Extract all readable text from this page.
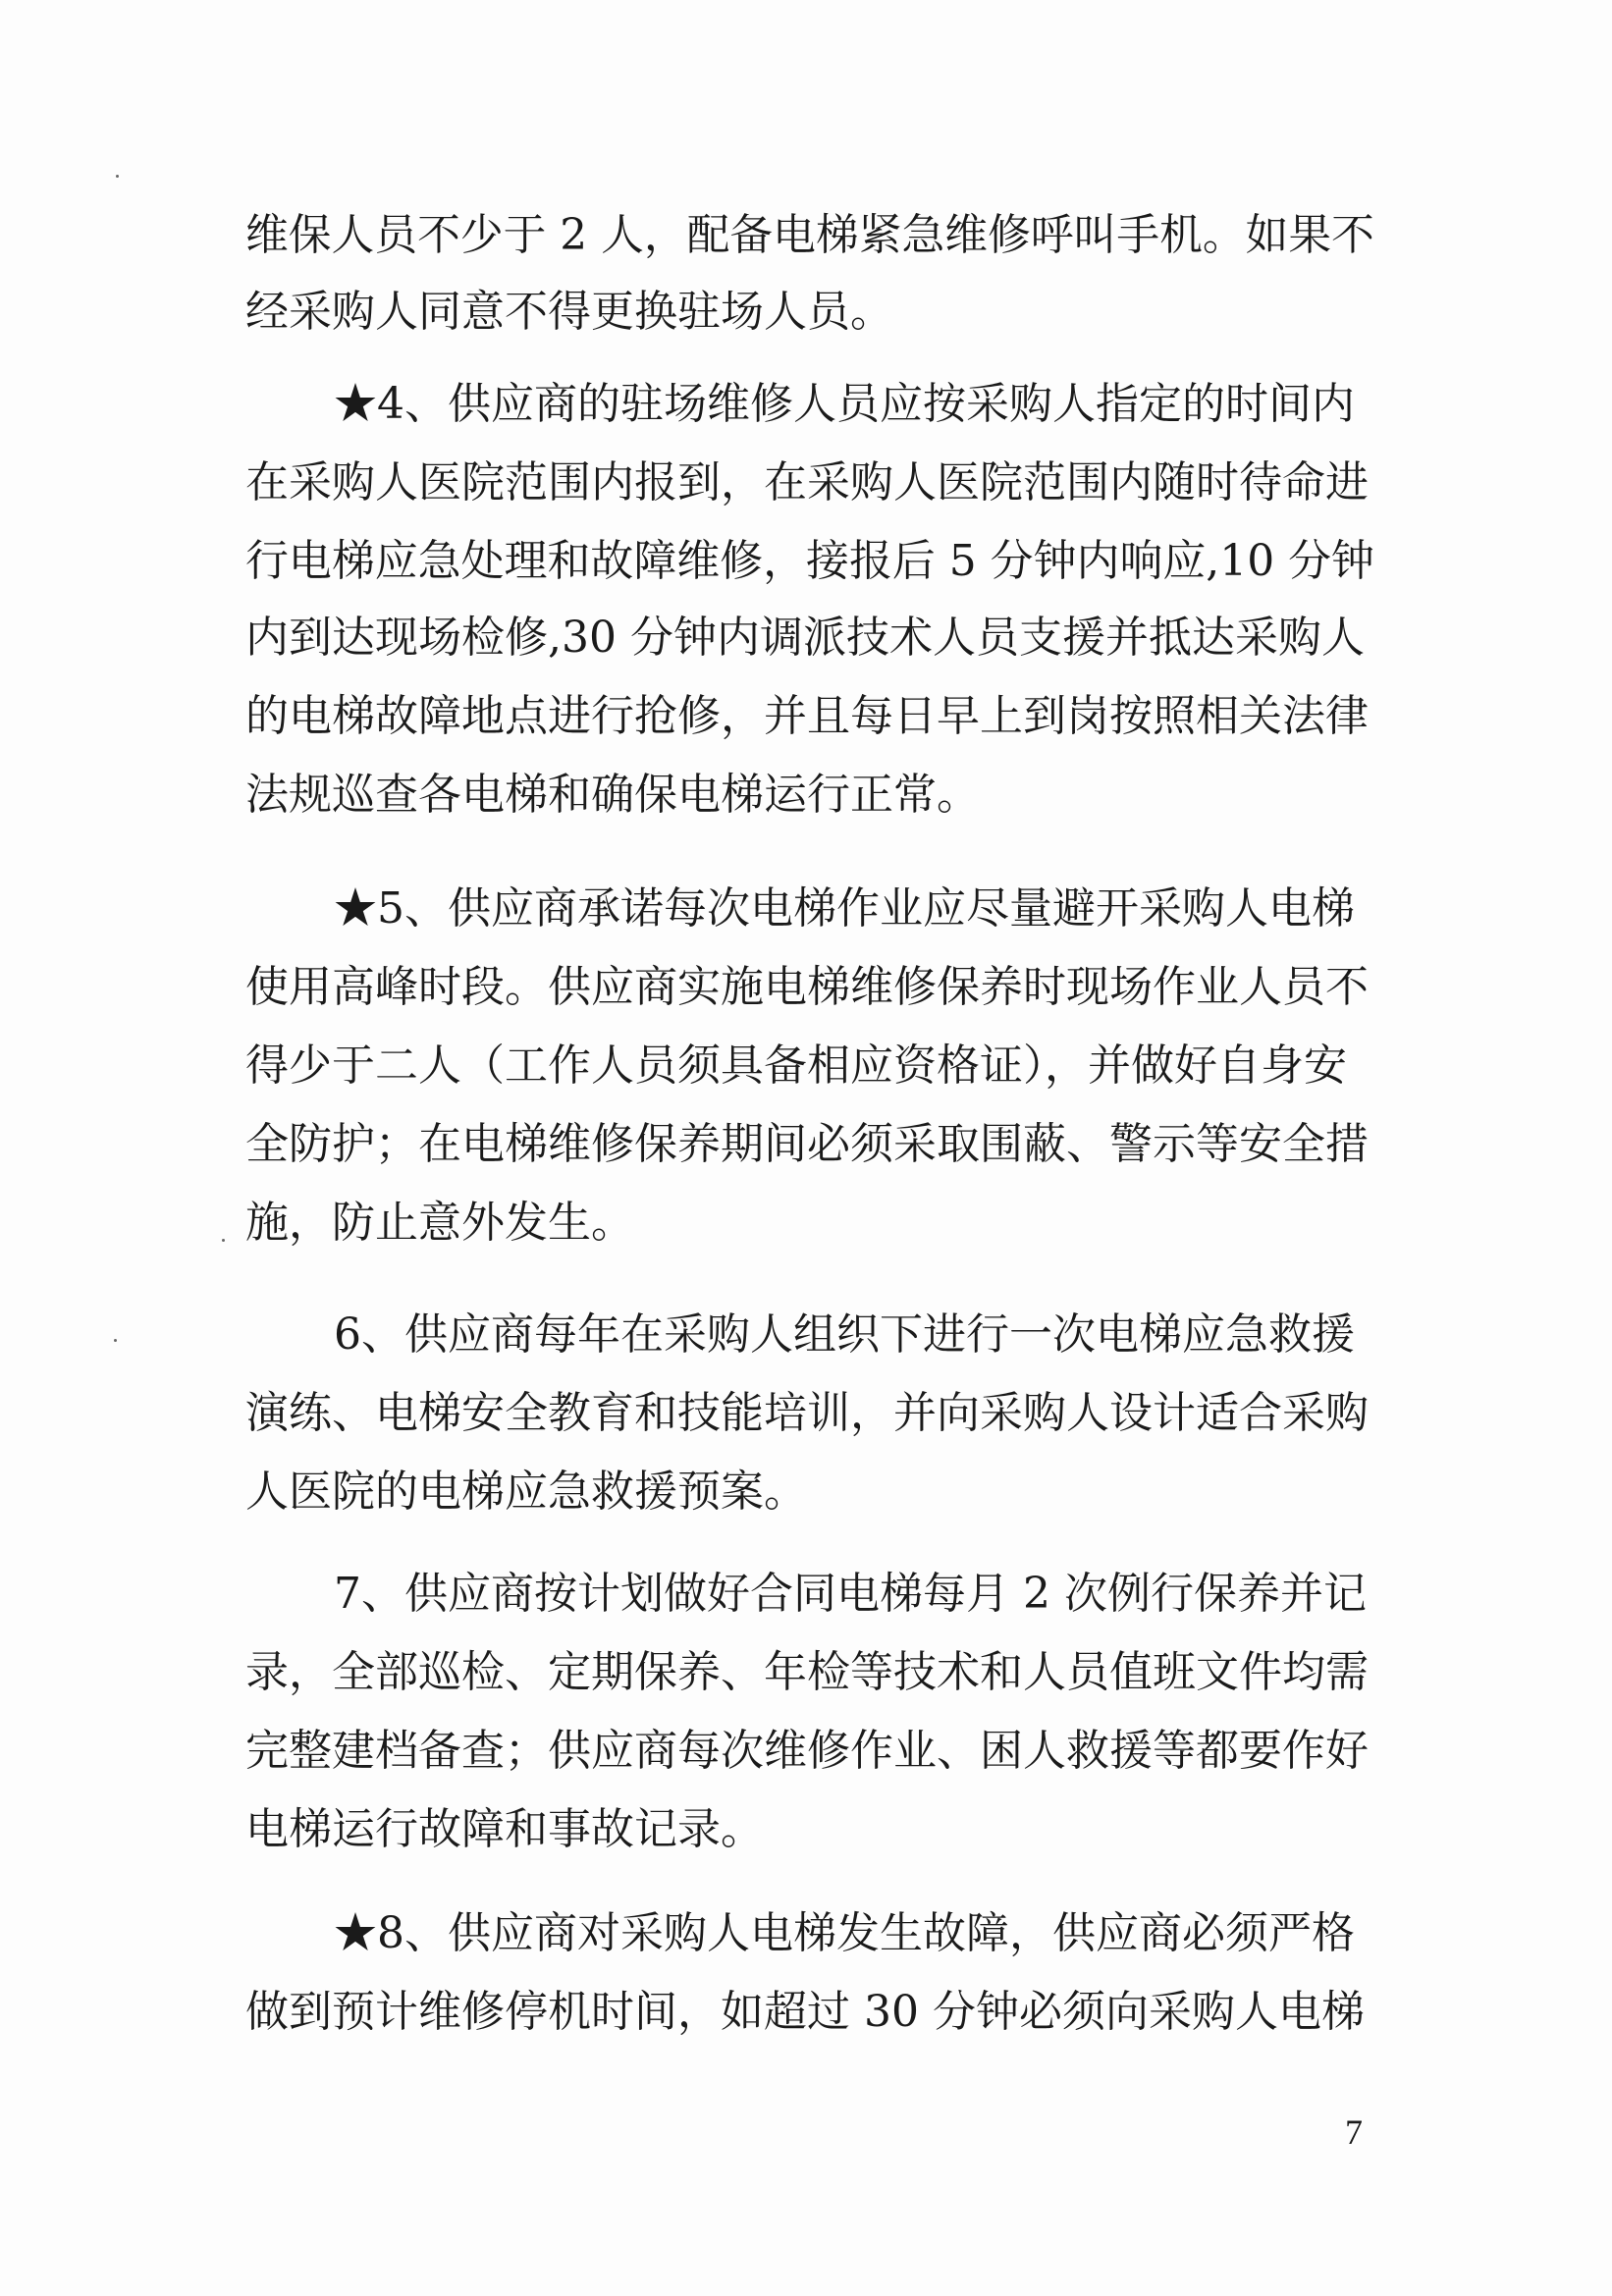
维保人员不少于 2 人，配备电梯紧急维修呼叫手机。如果不

经采购人同意不得更换驻场人员。

★4、供应商的驻场维修人员应按采购人指定的时间内

在采购人医院范围内报到，在采购人医院范围内随时待命进

行电梯应急处理和故障维修，接报后 5 分钟内响应,10 分钟

内到达现场检修,30 分钟内调派技术人员支援并抵达采购人

的电梯故障地点进行抢修，并且每日早上到岗按照相关法律

法规巡查各电梯和确保电梯运行正常。

★5、供应商承诺每次电梯作业应尽量避开采购人电梯

使用高峰时段。供应商实施电梯维修保养时现场作业人员不

得少于二人（工作人员须具备相应资格证），并做好自身安

全防护；在电梯维修保养期间必须采取围蔽、警示等安全措

施，防止意外发生。

6、供应商每年在采购人组织下进行一次电梯应急救援

演练、电梯安全教育和技能培训，并向采购人设计适合采购

人医院的电梯应急救援预案。

7、供应商按计划做好合同电梯每月 2 次例行保养并记

录，全部巡检、定期保养、年检等技术和人员值班文件均需

完整建档备查；供应商每次维修作业、困人救援等都要作好

电梯运行故障和事故记录。

★8、供应商对采购人电梯发生故障，供应商必须严格

做到预计维修停机时间，如超过 30 分钟必须向采购人电梯

7
